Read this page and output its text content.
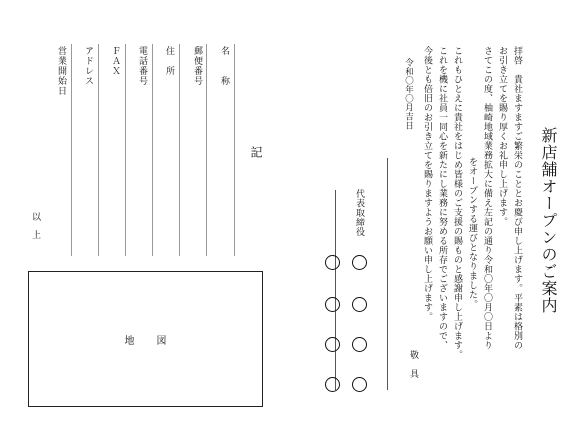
名　　称
郵便番号
住　所
電話番号
ＦＡＸ
アドレス
営業開始日
記
以　上
地図
新店舗オープンのご案内
拝啓　貴社ますますご繁栄のこととお慶び申し上げます。平素は格別の
お引き立てを賜り厚くお礼申し上げます。
さてこの度、柚崎地域業務拡大に備え左記の通り令和〇年〇月〇日より
をオープンする運びとなりました。
これもひとえに貴社をはじめ皆様のご支援の賜ものと感謝申し上げます。
これを機に社員一同心を新たにし業務に努める所存でございますので、
今後とも倍旧のお引き立てを賜りますようお願い申し上げます。
敬　具
令和〇年〇月吉日
代表取締役
